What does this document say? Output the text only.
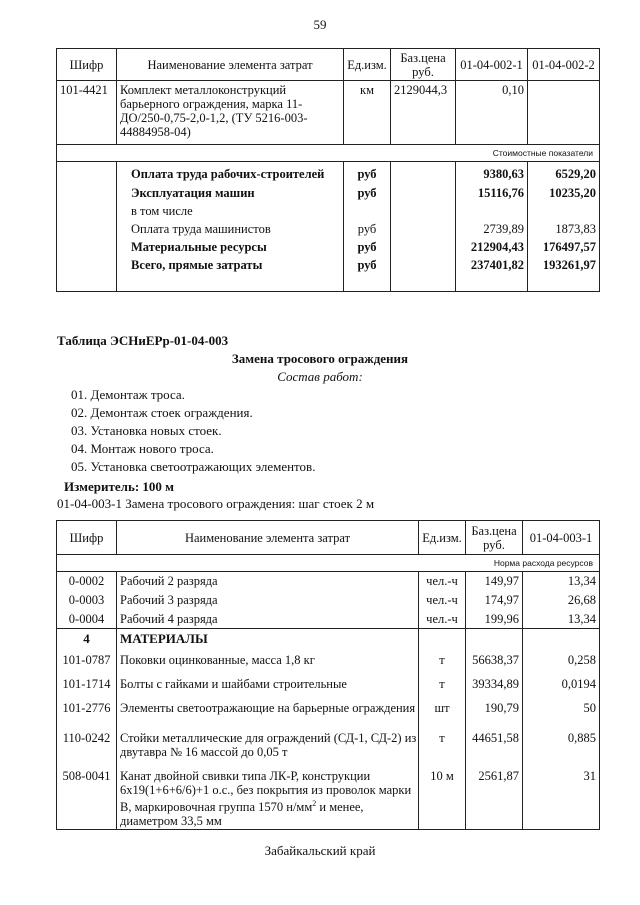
59
Шифр	Наименование элемента затрат	Ед.изм.	Баз.цена руб.	01-04-002-1	01-04-002-2
101-4421	Комплект металлоконструкций барьерного ограждения, марка 11-ДО/250-0,75-2,0-1,2, (ТУ 5216-003-44884958-04)	км	2129044,3	0,10	
Стоимостные показатели					
	Оплата труда рабочих-строителей	руб		9380,63	6529,20
	Эксплуатация машин	руб		15116,76	10235,20
	в том числе				
	Оплата труда машинистов	руб		2739,89	1873,83
	Материальные ресурсы	руб		212904,43	176497,57
	Всего, прямые затраты	руб		237401,82	193261,97

Таблица ЭСНиЕРр-01-04-003
Замена тросового ограждения
Состав работ:
01. Демонтаж троса.
02. Демонтаж стоек ограждения.
03. Установка новых стоек.
04. Монтаж нового троса.
05. Установка светоотражающих элементов.
Измеритель: 100 м
01-04-003-1 Замена тросового ограждения: шаг стоек 2 м
Шифр	Наименование элемента затрат	Ед.изм.	Баз.цена руб.	01-04-003-1
Норма расхода ресурсов				
0-0002	Рабочий 2 разряда	чел.-ч	149,97	13,34
0-0003	Рабочий 3 разряда	чел.-ч	174,97	26,68
0-0004	Рабочий 4 разряда	чел.-ч	199,96	13,34
4	МАТЕРИАЛЫ			
101-0787	Поковки оцинкованные, масса 1,8 кг	т	56638,37	0,258
101-1714	Болты с гайками и шайбами строительные	т	39334,89	0,0194
101-2776	Элементы светоотражающие на барьерные ограждения	шт	190,79	50
110-0242	Стойки металлические для ограждений (СД-1, СД-2) из двутавра № 16 массой до 0,05 т	т	44651,58	0,885
508-0041	Канат двойной свивки типа ЛК-Р, конструкции 6х19(1+6+6/6)+1 о.с., без покрытия из проволок марки В, маркировочная группа 1570 $н/мм^2$ и менее, диаметром 33,5 мм	10 м	2561,87	31
Забайкальский край
